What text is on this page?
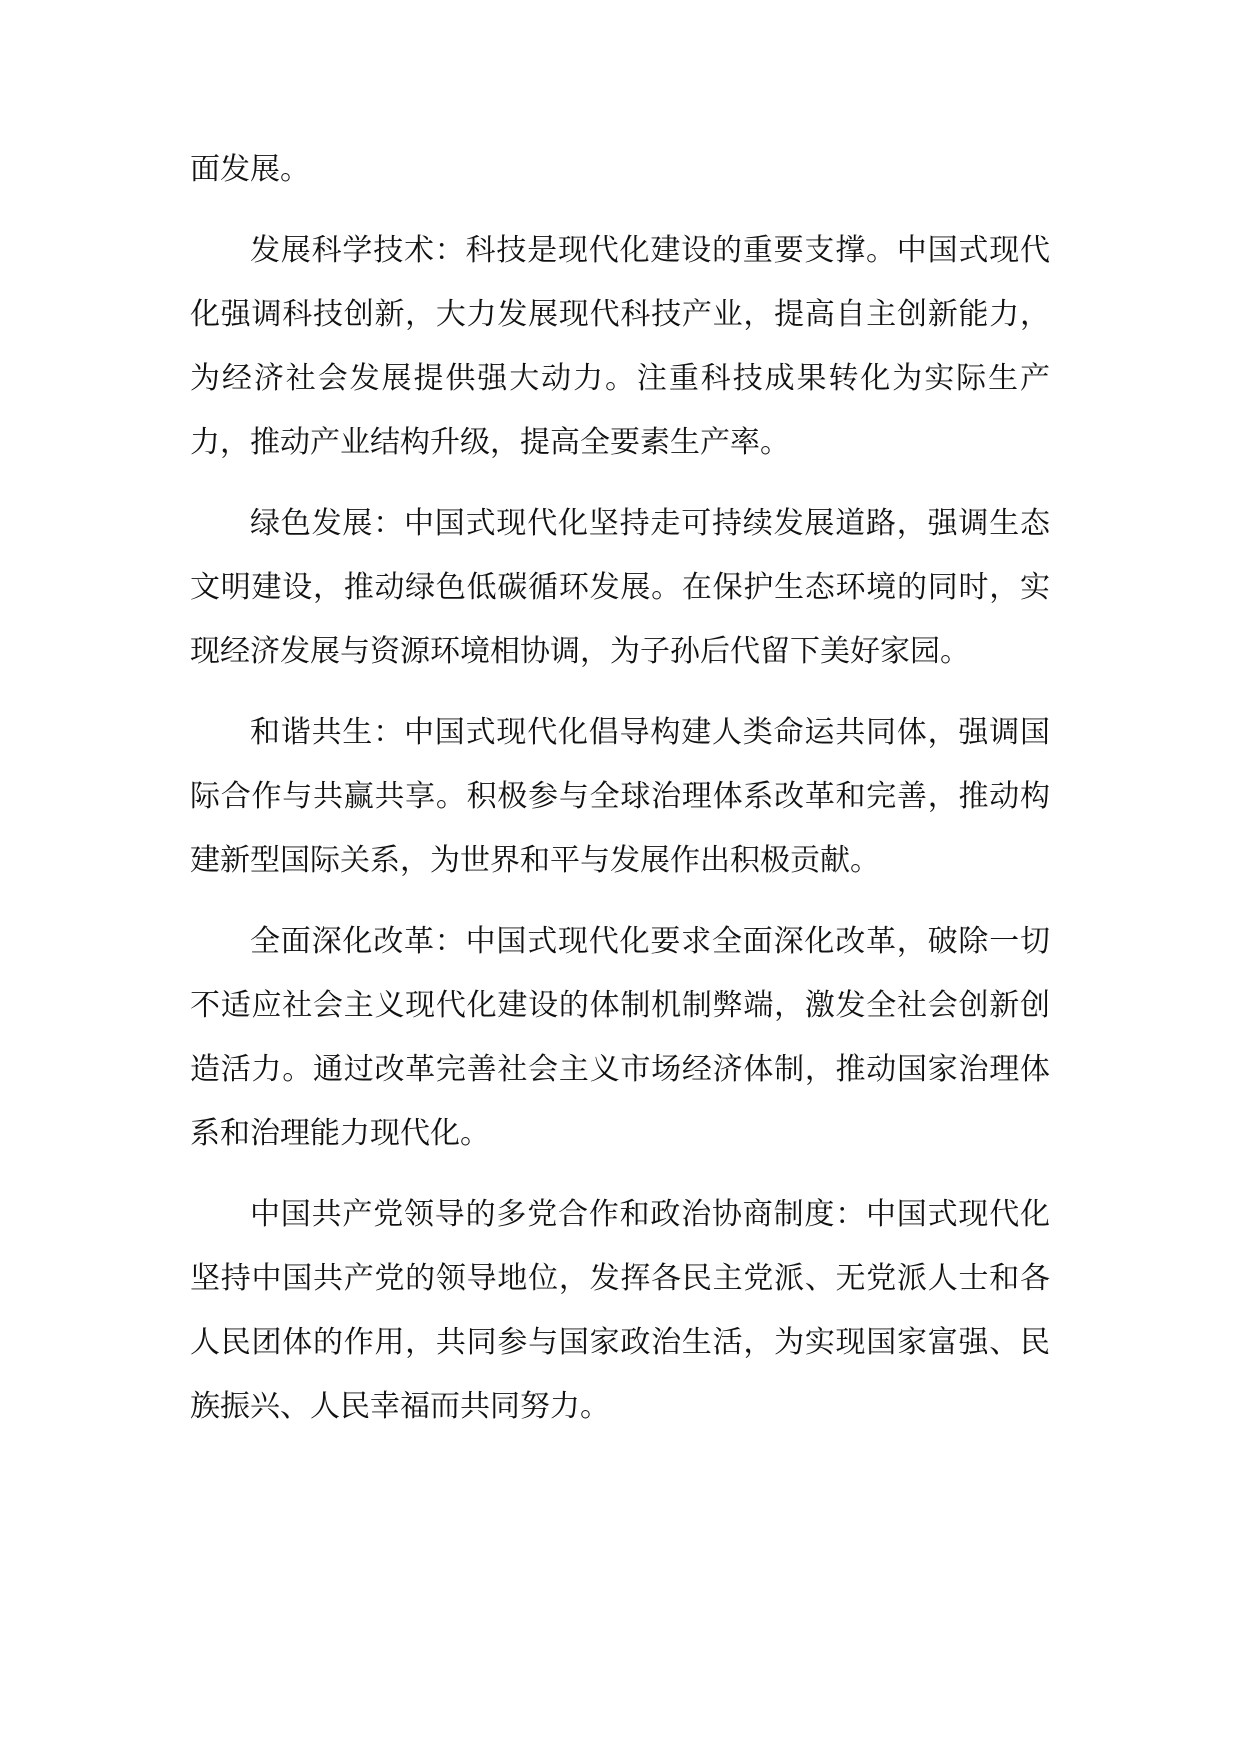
面发展。

发展科学技术：科技是现代化建设的重要支撑。中国式现代化强调科技创新，大力发展现代科技产业，提高自主创新能力，为经济社会发展提供强大动力。注重科技成果转化为实际生产力，推动产业结构升级，提高全要素生产率。

绿色发展：中国式现代化坚持走可持续发展道路，强调生态文明建设，推动绿色低碳循环发展。在保护生态环境的同时，实现经济发展与资源环境相协调，为子孙后代留下美好家园。

和谐共生：中国式现代化倡导构建人类命运共同体，强调国际合作与共赢共享。积极参与全球治理体系改革和完善，推动构建新型国际关系，为世界和平与发展作出积极贡献。

全面深化改革：中国式现代化要求全面深化改革，破除一切不适应社会主义现代化建设的体制机制弊端，激发全社会创新创造活力。通过改革完善社会主义市场经济体制，推动国家治理体系和治理能力现代化。

中国共产党领导的多党合作和政治协商制度：中国式现代化坚持中国共产党的领导地位，发挥各民主党派、无党派人士和各人民团体的作用，共同参与国家政治生活，为实现国家富强、民族振兴、人民幸福而共同努力。
